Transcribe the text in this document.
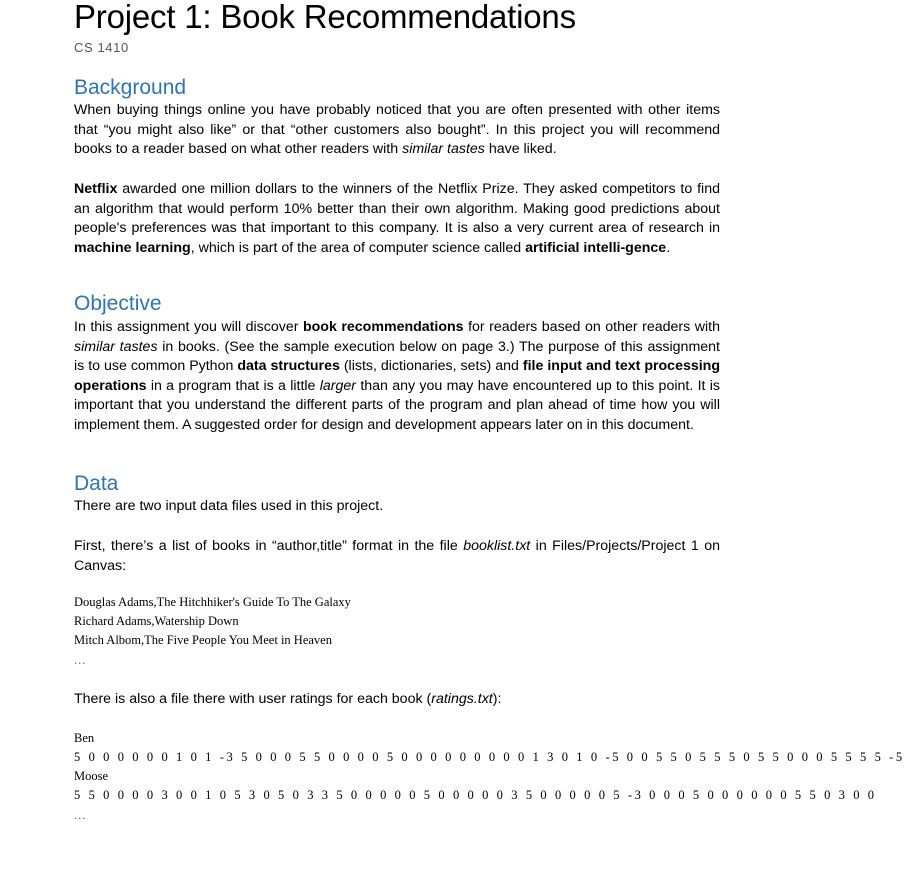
Project 1: Book Recommendations
CS 1410
Background

When buying things online you have probably noticed that you are often presented with other items that “you might also like” or that “other customers also bought”. In this project you will recommend books to a reader based on what other readers with similar tastes have liked.

Netflix awarded one million dollars to the winners of the Netflix Prize. They asked competitors to find an algorithm that would perform 10% better than their own algorithm. Making good predictions about people's preferences was that important to this company. It is also a very current area of research in machine learning, which is part of the area of computer science called artificial intelli-gence.

Objective

In this assignment you will discover book recommendations for readers based on other readers with similar tastes in books. (See the sample execution below on page 3.) The purpose of this assignment is to use common Python data structures (lists, dictionaries, sets) and file input and text processing operations in a program that is a little larger than any you may have encountered up to this point. It is important that you understand the different parts of the program and plan ahead of time how you will implement them. A suggested order for design and development appears later on in this document.

Data

There are two input data files used in this project.

First, there’s a list of books in “author,title” format in the file booklist.txt in Files/Projects/Project 1 on Canvas:

Douglas Adams,The Hitchhiker's Guide To The Galaxy
Richard Adams,Watership Down
Mitch Albom,The Five People You Meet in Heaven
...

There is also a file there with user ratings for each book (ratings.txt):

Ben
5 0 0 0 0 0 0 1 0 1 -3 5 0 0 0 5 5 0 0 0 0 5 0 0 0 0 0 0 0 0 0 1 3 0 1 0 -5 0 0 5 5 0 5 5 5 0 5 5 0 0 0 5 5 5 5 -5
Moose
5 5 0 0 0 0 3 0 0 1 0 5 3 0 5 0 3 3 5 0 0 0 0 0 5 0 0 0 0 0 3 5 0 0 0 0 0 5 -3 0 0 0 5 0 0 0 0 0 0 5 5 0 3 0 0
...
